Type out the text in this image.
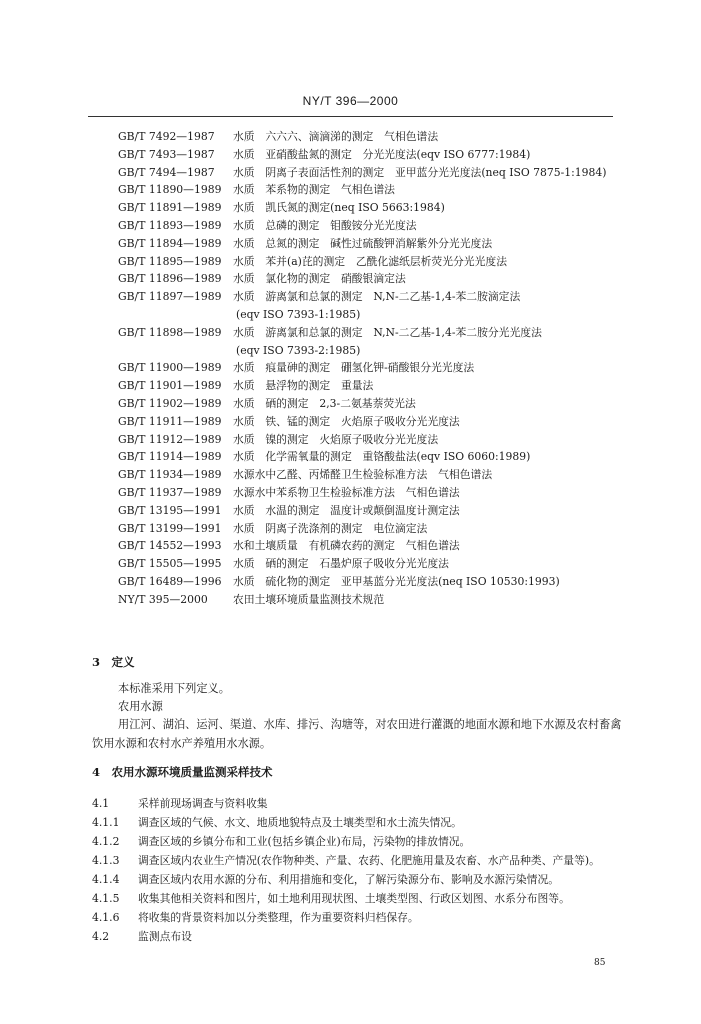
NY/T 396—2000
GB/T 7492—1987	水质　六六六、滴滴涕的测定　气相色谱法
GB/T 7493—1987	水质　亚硝酸盐氮的测定　分光光度法(eqv ISO 6777:1984)
GB/T 7494—1987	水质　阴离子表面活性剂的测定　亚甲蓝分光光度法(neq ISO 7875-1:1984)
GB/T 11890—1989	水质　苯系物的测定　气相色谱法
GB/T 11891—1989	水质　凯氏氮的测定(neq ISO 5663:1984)
GB/T 11893—1989	水质　总磷的测定　钼酸铵分光光度法
GB/T 11894—1989	水质　总氮的测定　碱性过硫酸钾消解紫外分光光度法
GB/T 11895—1989	水质　苯并(a)芘的测定　乙酰化滤纸层析荧光分光光度法
GB/T 11896—1989	水质　氯化物的测定　硝酸银滴定法
GB/T 11897—1989	水质　游离氯和总氯的测定　N,N-二乙基-1,4-苯二胺滴定法
(eqv ISO 7393-1:1985)
GB/T 11898—1989	水质　游离氯和总氯的测定　N,N-二乙基-1,4-苯二胺分光光度法
(eqv ISO 7393-2:1985)
GB/T 11900—1989	水质　痕量砷的测定　硼氢化钾-硝酸银分光光度法
GB/T 11901—1989	水质　悬浮物的测定　重量法
GB/T 11902—1989	水质　硒的测定　2,3-二氨基萘荧光法
GB/T 11911—1989	水质　铁、锰的测定　火焰原子吸收分光光度法
GB/T 11912—1989	水质　镍的测定　火焰原子吸收分光光度法
GB/T 11914—1989	水质　化学需氧量的测定　重铬酸盐法(eqv ISO 6060:1989)
GB/T 11934—1989	水源水中乙醛、丙烯醛卫生检验标准方法　气相色谱法
GB/T 11937—1989	水源水中苯系物卫生检验标准方法　气相色谱法
GB/T 13195—1991	水质　水温的测定　温度计或颠倒温度计测定法
GB/T 13199—1991	水质　阴离子洗涤剂的测定　电位滴定法
GB/T 14552—1993	水和土壤质量　有机磷农药的测定　气相色谱法
GB/T 15505—1995	水质　硒的测定　石墨炉原子吸收分光光度法
GB/T 16489—1996	水质　硫化物的测定　亚甲基蓝分光光度法(neq ISO 10530:1993)
NY/T 395—2000	农田土壤环境质量监测技术规范
3　定义
本标准采用下列定义。
农用水源
用江河、湖泊、运河、渠道、水库、排污、沟塘等，对农田进行灌溉的地面水源和地下水源及农村畜禽
饮用水源和农村水产养殖用水水源。
4　农用水源环境质量监测采样技术
4.1	采样前现场调查与资料收集
4.1.1 调查区域的气候、水文、地质地貌特点及土壤类型和水土流失情况。
4.1.2 调查区域的乡镇分布和工业(包括乡镇企业)布局，污染物的排放情况。
4.1.3 调查区域内农业生产情况(农作物种类、产量、农药、化肥施用量及农畜、水产品种类、产量等)。
4.1.4 调查区域内农用水源的分布、利用措施和变化，了解污染源分布、影响及水源污染情况。
4.1.5 收集其他相关资料和图片，如土地利用现状图、土壤类型图、行政区划图、水系分布图等。
4.1.6 将收集的背景资料加以分类整理，作为重要资料归档保存。
4.2	监测点布设
85
